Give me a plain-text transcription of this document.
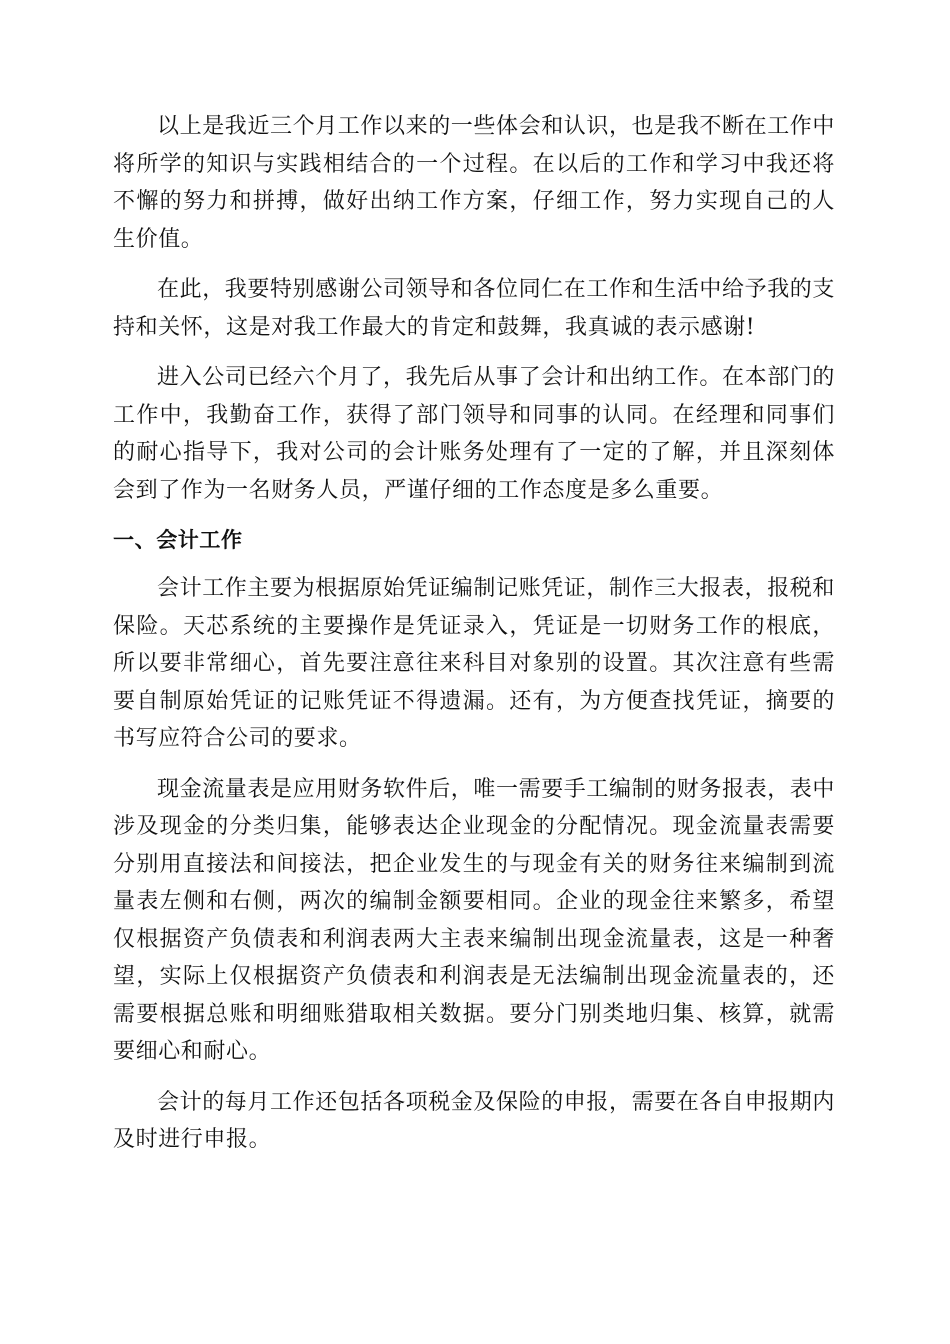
以上是我近三个月工作以来的一些体会和认识，也是我不断在工作中将所学的知识与实践相结合的一个过程。在以后的工作和学习中我还将不懈的努力和拼搏，做好出纳工作方案，仔细工作，努力实现自己的人生价值。

在此，我要特别感谢公司领导和各位同仁在工作和生活中给予我的支持和关怀，这是对我工作最大的肯定和鼓舞，我真诚的表示感谢!

进入公司已经六个月了，我先后从事了会计和出纳工作。在本部门的工作中，我勤奋工作，获得了部门领导和同事的认同。在经理和同事们的耐心指导下，我对公司的会计账务处理有了一定的了解，并且深刻体会到了作为一名财务人员，严谨仔细的工作态度是多么重要。

一、会计工作

会计工作主要为根据原始凭证编制记账凭证，制作三大报表，报税和保险。天芯系统的主要操作是凭证录入，凭证是一切财务工作的根底，所以要非常细心，首先要注意往来科目对象别的设置。其次注意有些需要自制原始凭证的记账凭证不得遗漏。还有，为方便查找凭证，摘要的书写应符合公司的要求。

现金流量表是应用财务软件后，唯一需要手工编制的财务报表，表中涉及现金的分类归集，能够表达企业现金的分配情况。现金流量表需要分别用直接法和间接法，把企业发生的与现金有关的财务往来编制到流量表左侧和右侧，两次的编制金额要相同。企业的现金往来繁多，希望仅根据资产负债表和利润表两大主表来编制出现金流量表，这是一种奢望，实际上仅根据资产负债表和利润表是无法编制出现金流量表的，还需要根据总账和明细账猎取相关数据。要分门别类地归集、核算，就需要细心和耐心。

会计的每月工作还包括各项税金及保险的申报，需要在各自申报期内及时进行申报。
